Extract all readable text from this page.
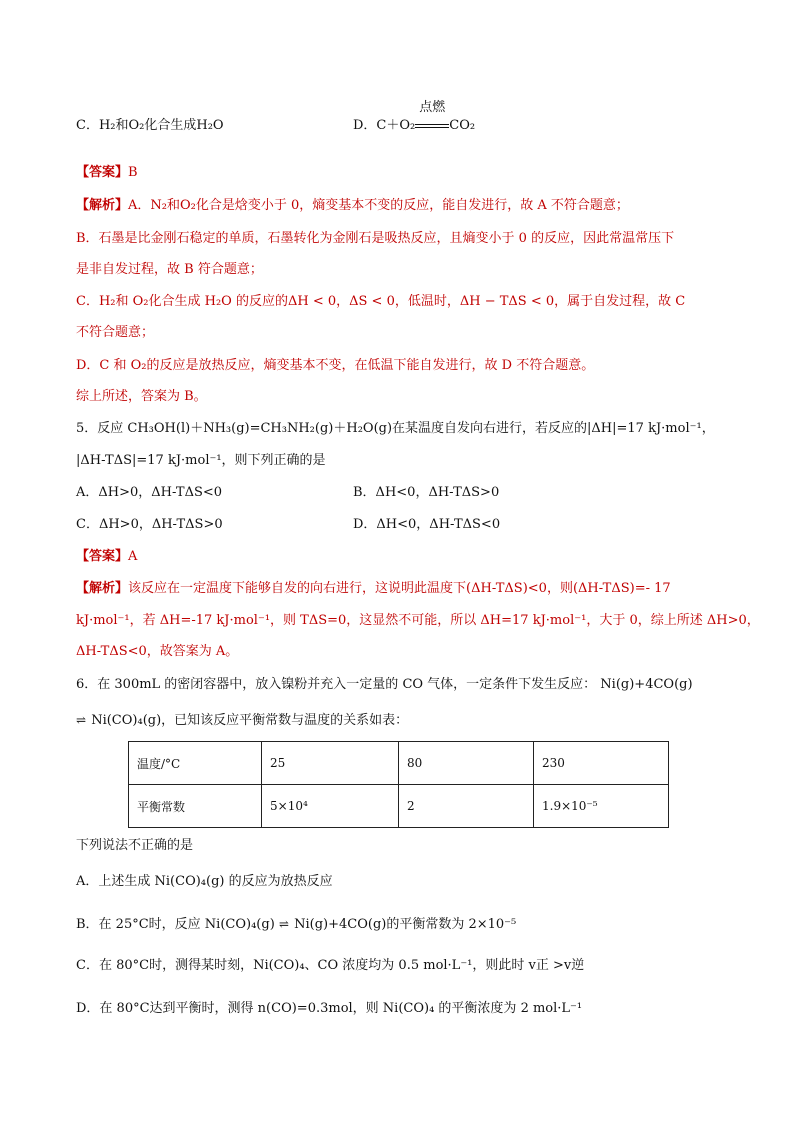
C．H₂和O₂化合生成H₂O	D．C＋O₂
点燃
CO₂
【答案】B
【解析】A．N₂和O₂化合是焓变小于 0，熵变基本不变的反应，能自发进行，故 A 不符合题意；
B．石墨是比金刚石稳定的单质，石墨转化为金刚石是吸热反应，且熵变小于 0 的反应，因此常温常压下
是非自发过程，故 B 符合题意；
C．H₂和 O₂化合生成 H₂O 的反应的ΔH < 0，ΔS < 0，低温时，ΔH − TΔS < 0，属于自发过程，故 C
不符合题意；
D．C 和 O₂的反应是放热反应，熵变基本不变，在低温下能自发进行，故 D 不符合题意。
综上所述，答案为 B。
5．反应 CH₃OH(l)＋NH₃(g)=CH₃NH₂(g)＋H₂O(g)在某温度自发向右进行，若反应的|ΔH|=17 kJ·mol⁻¹，
|ΔH-TΔS|=17 kJ·mol⁻¹，则下列正确的是
A．ΔH>0，ΔH-TΔS<0	B．ΔH<0，ΔH-TΔS>0
C．ΔH>0，ΔH-TΔS>0	D．ΔH<0，ΔH-TΔS<0
【答案】A
【解析】该反应在一定温度下能够自发的向右进行，这说明此温度下(ΔH-TΔS)<0，则(ΔH-TΔS)=- 17
kJ·mol⁻¹，若 ΔH=-17 kJ·mol⁻¹，则 TΔS=0，这显然不可能，所以 ΔH=17 kJ·mol⁻¹，大于 0，综上所述 ΔH>0，
ΔH-TΔS<0，故答案为 A。
6．在 300mL 的密闭容器中，放入镍粉并充入一定量的 CO 气体，一定条件下发生反应： Ni(g)+4CO(g)
⇌ Ni(CO)₄(g)，已知该反应平衡常数与温度的关系如表：
温度/°C	25	80	230
平衡常数	5×10⁴	2	1.9×10⁻⁵
下列说法不正确的是
A．上述生成 Ni(CO)₄(g) 的反应为放热反应
B．在 25°C时，反应 Ni(CO)₄(g) ⇌ Ni(g)+4CO(g)的平衡常数为 2×10⁻⁵
C．在 80°C时，测得某时刻，Ni(CO)₄、CO 浓度均为 0.5 mol·L⁻¹，则此时 v正 >v逆
D．在 80°C达到平衡时，测得 n(CO)=0.3mol，则 Ni(CO)₄ 的平衡浓度为 2 mol·L⁻¹
